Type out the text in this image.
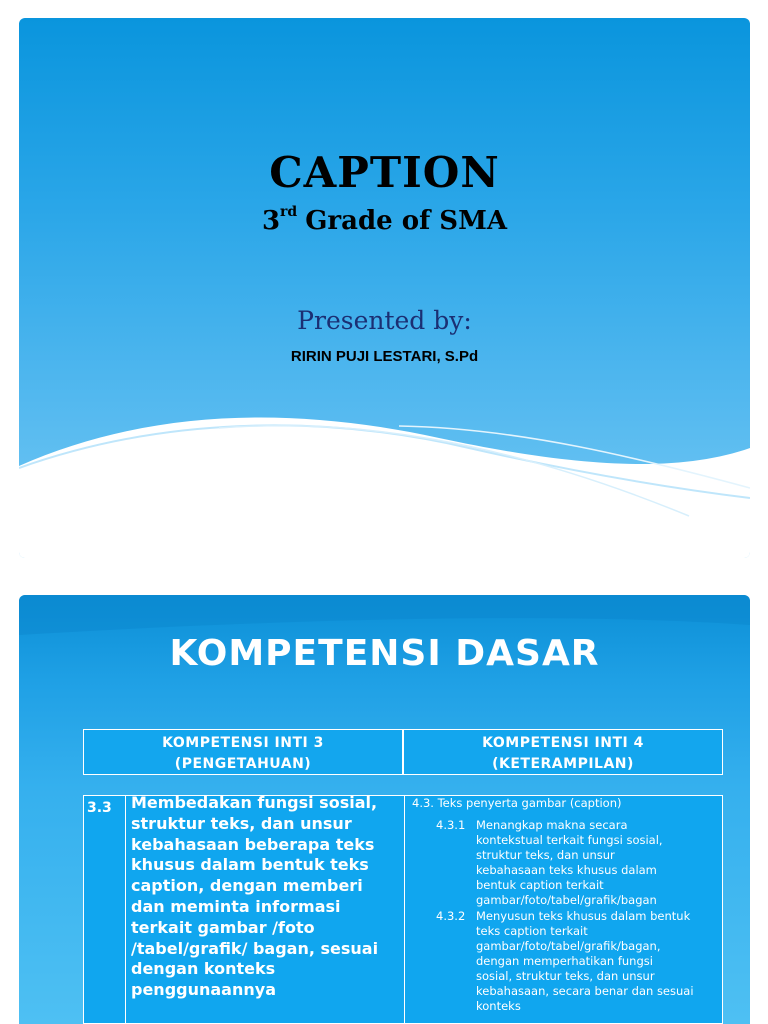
CAPTION

3rd Grade of SMA

Presented by:

RIRIN PUJI LESTARI, S.Pd

KOMPETENSI DASAR
KOMPETENSI INTI 3
(PENGETAHUAN)
KOMPETENSI INTI 4
(KETERAMPILAN)
3.3 Membedakan fungsi sosial, struktur teks, dan unsur kebahasaan beberapa teks khusus dalam bentuk teks caption, dengan memberi dan meminta informasi terkait gambar /foto /tabel/grafik/ bagan, sesuai dengan konteks penggunaannya
4.3. Teks penyerta gambar (caption)
4.3.1 Menangkap makna secara
kontekstual terkait fungsi sosial,
struktur teks, dan unsur
kebahasaan teks khusus dalam
bentuk caption terkait
gambar/foto/tabel/grafik/bagan
4.3.2 Menyusun teks khusus dalam bentuk
teks caption terkait
gambar/foto/tabel/grafik/bagan,
dengan memperhatikan fungsi
sosial, struktur teks, dan unsur
kebahasaan, secara benar dan sesuai
konteks
